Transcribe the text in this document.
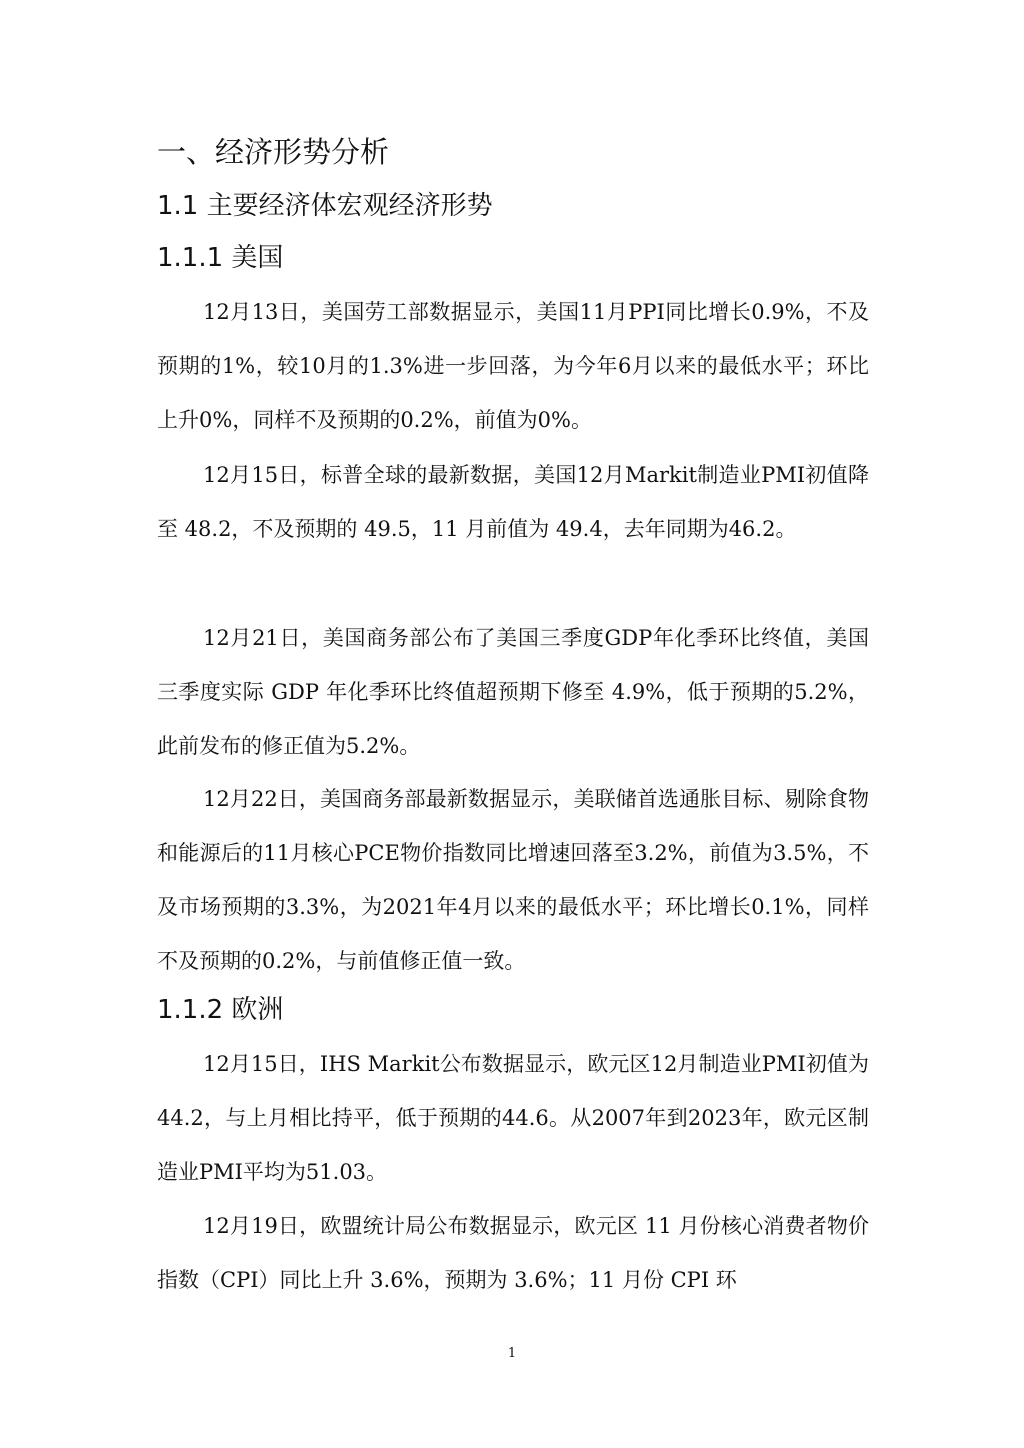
一、经济形势分析
1.1 主要经济体宏观经济形势
1.1.1 美国

12月13日，美国劳工部数据显示，美国11月PPI同比增长0.9%，不及预期的1%，较10月的1.3%进一步回落，为今年6月以来的最低水平；环比上升0%，同样不及预期的0.2%，前值为0%。

12月15日，标普全球的最新数据，美国12月Markit制造业PMI初值降至 48.2，不及预期的 49.5，11 月前值为 49.4，去年同期为46.2。

12月21日，美国商务部公布了美国三季度GDP年化季环比终值，美国三季度实际 GDP 年化季环比终值超预期下修至 4.9%，低于预期的5.2%，此前发布的修正值为5.2%。

12月22日，美国商务部最新数据显示，美联储首选通胀目标、剔除食物和能源后的11月核心PCE物价指数同比增速回落至3.2%，前值为3.5%，不及市场预期的3.3%，为2021年4月以来的最低水平；环比增长0.1%，同样不及预期的0.2%，与前值修正值一致。

1.1.2 欧洲

12月15日，IHS Markit公布数据显示，欧元区12月制造业PMI初值为44.2，与上月相比持平，低于预期的44.6。从2007年到2023年，欧元区制造业PMI平均为51.03。

12月19日，欧盟统计局公布数据显示，欧元区 11 月份核心消费者物价指数（CPI）同比上升 3.6%，预期为 3.6%；11 月份 CPI 环

1
